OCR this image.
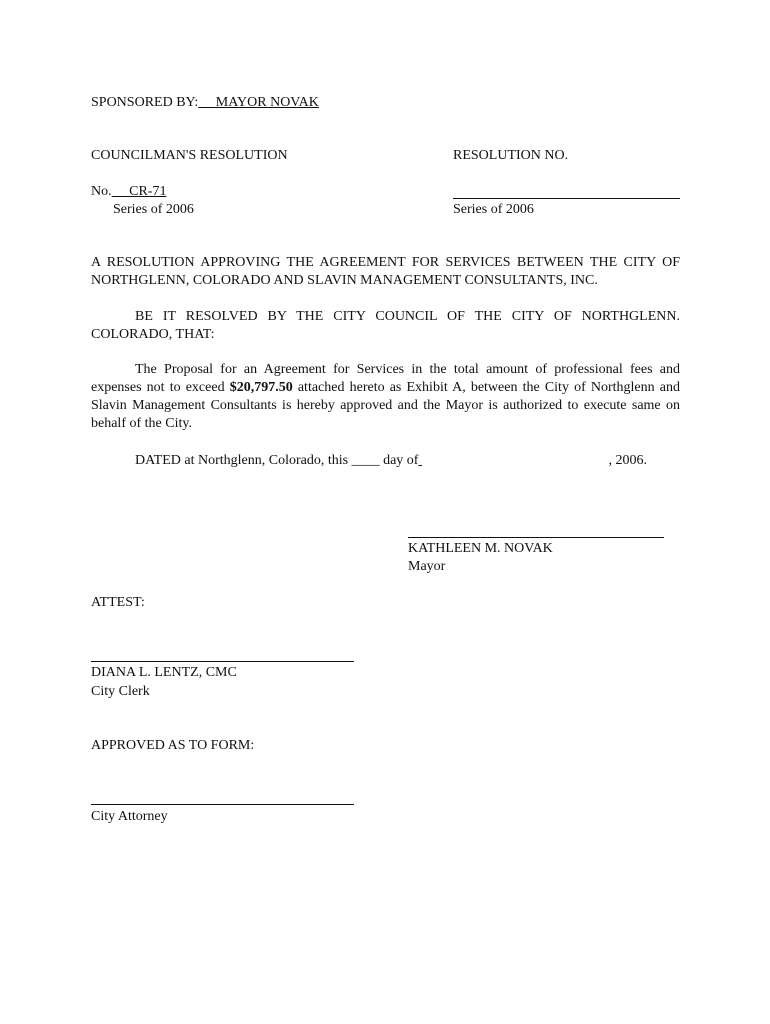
SPONSORED BY: MAYOR NOVAK
COUNCILMAN'S RESOLUTION	RESOLUTION NO.
No. CR-71
Series of 2006	Series of 2006
A RESOLUTION APPROVING THE AGREEMENT FOR SERVICES BETWEEN THE CITY OF NORTHGLENN, COLORADO AND SLAVIN MANAGEMENT CONSULTANTS, INC.
BE IT RESOLVED BY THE CITY COUNCIL OF THE CITY OF NORTHGLENN. COLORADO, THAT:
The Proposal for an Agreement for Services in the total amount of professional fees and expenses not to exceed $20,797.50 attached hereto as Exhibit A, between the City of Northglenn and Slavin Management Consultants is hereby approved and the Mayor is authorized to execute same on behalf of the City.
DATED at Northglenn, Colorado, this ____ day of	, 2006.
KATHLEEN M. NOVAK
Mayor
ATTEST:
DIANA L. LENTZ, CMC
City Clerk
APPROVED AS TO FORM:
City Attorney
